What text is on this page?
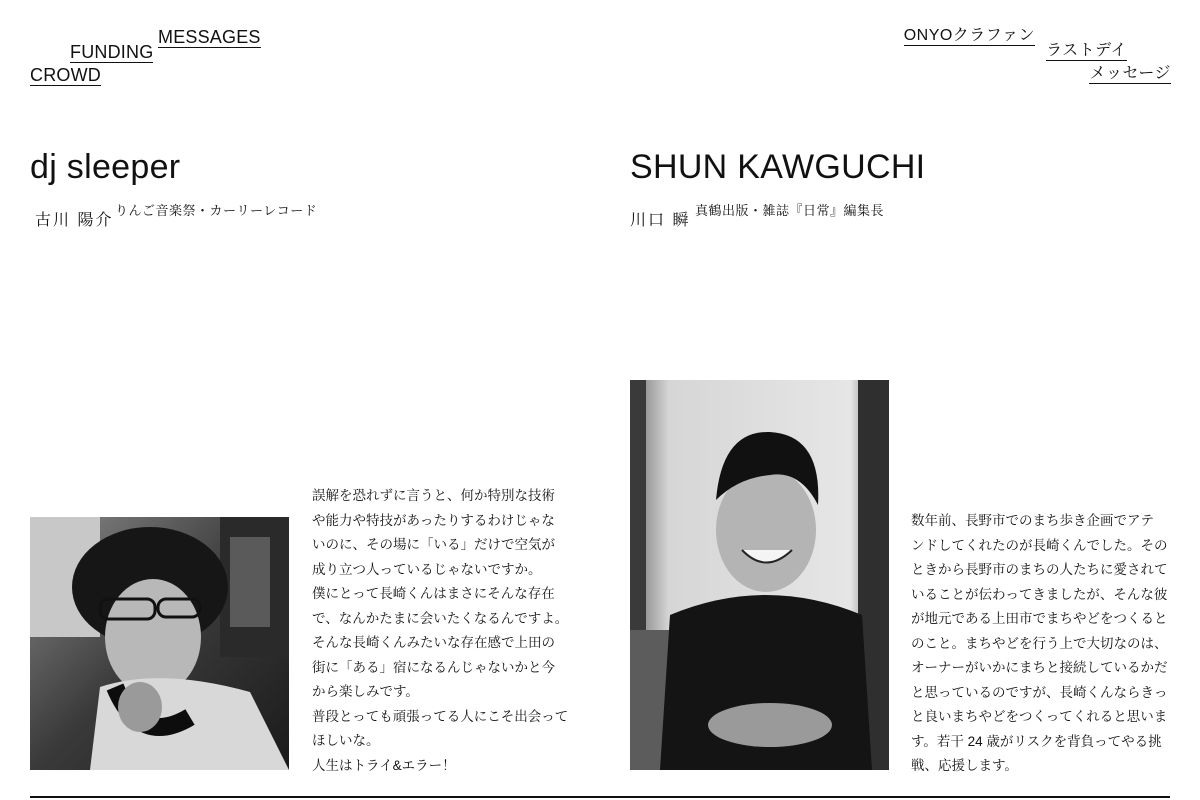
MESSAGES
FUNDING
CROWD
ONYOクラファン
ラストデイ
メッセージ
dj sleeper
古川 陽介
りんご音楽祭・カーリーレコード
誤解を恐れずに言うと、何か特別な技術
や能力や特技があったりするわけじゃな
いのに、その場に「いる」だけで空気が
成り立つ人っているじゃないですか。
僕にとって長崎くんはまさにそんな存在
で、なんかたまに会いたくなるんですよ。
そんな長崎くんみたいな存在感で上田の
街に「ある」宿になるんじゃないかと今
から楽しみです。
普段とっても頑張ってる人にこそ出会って
ほしいな。
人生はトライ&エラー！
SHUN KAWGUCHI
川口 瞬
真鶴出版・雑誌『日常』編集長
数年前、長野市でのまち歩き企画でアテ
ンドしてくれたのが長崎くんでした。その
ときから長野市のまちの人たちに愛されて
いることが伝わってきましたが、そんな彼
が地元である上田市でまちやどをつくると
のこと。まちやどを行う上で大切なのは、
オーナーがいかにまちと接続しているかだ
と思っているのですが、長崎くんならきっ
と良いまちやどをつくってくれると思いま
す。若干 24 歳がリスクを背負ってやる挑
戦、応援します。
